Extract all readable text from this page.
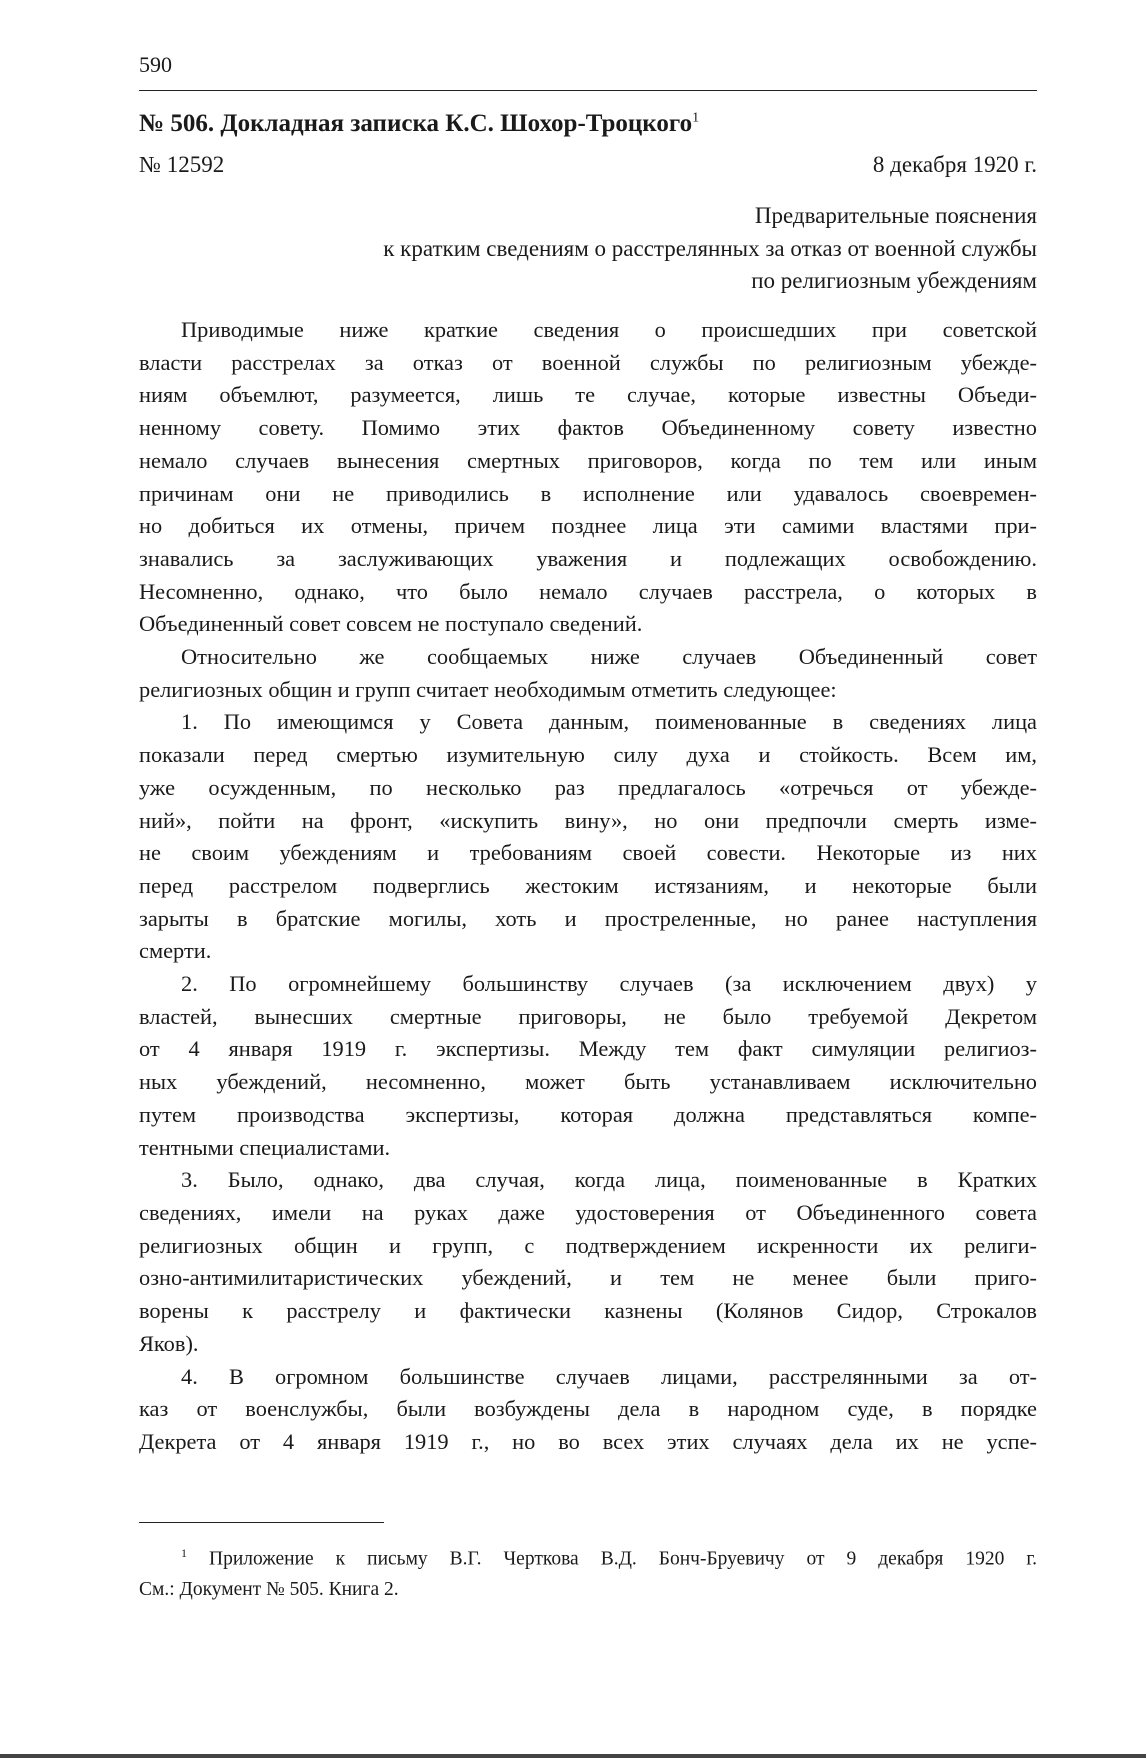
590
№ 506. Докладная записка К.С. Шохор-Троцкого$^1$
№ 12592	8 декабря 1920 г.
Предварительные пояснения
к кратким сведениям о расстрелянных за отказ от военной службы
по религиозным убеждениям
Приводимые ниже краткие сведения о происшедших при советской
власти расстрелах за отказ от военной службы по религиозным убежде-
ниям объемлют, разумеется, лишь те случае, которые известны Объеди-
ненному совету. Помимо этих фактов Объединенному совету известно
немало случаев вынесения смертных приговоров, когда по тем или иным
причинам они не приводились в исполнение или удавалось своевремен-
но добиться их отмены, причем позднее лица эти самими властями при-
знавались за заслуживающих уважения и подлежащих освобождению.
Несомненно, однако, что было немало случаев расстрела, о которых в
Объединенный совет совсем не поступало сведений.
Относительно же сообщаемых ниже случаев Объединенный совет
религиозных общин и групп считает необходимым отметить следующее:
1. По имеющимся у Совета данным, поименованные в сведениях лица
показали перед смертью изумительную силу духа и стойкость. Всем им,
уже осужденным, по несколько раз предлагалось «отречься от убежде-
ний», пойти на фронт, «искупить вину», но они предпочли смерть изме-
не своим убеждениям и требованиям своей совести. Некоторые из них
перед расстрелом подверглись жестоким истязаниям, и некоторые были
зарыты в братские могилы, хоть и простреленные, но ранее наступления
смерти.
2. По огромнейшему большинству случаев (за исключением двух) у
властей, вынесших смертные приговоры, не было требуемой Декретом
от 4 января 1919 г. экспертизы. Между тем факт симуляции религиоз-
ных убеждений, несомненно, может быть устанавливаем исключительно
путем производства экспертизы, которая должна представляться компе-
тентными специалистами.
3. Было, однако, два случая, когда лица, поименованные в Кратких
сведениях, имели на руках даже удостоверения от Объединенного совета
религиозных общин и групп, с подтверждением искренности их религи-
озно-антимилитаристических убеждений, и тем не менее были приго-
ворены к расстрелу и фактически казнены (Колянов Сидор, Строкалов
Яков).
4. В огромном большинстве случаев лицами, расстрелянными за от-
каз от военслужбы, были возбуждены дела в народном суде, в порядке
Декрета от 4 января 1919 г., но во всех этих случаях дела их не успе-
$^1$ Приложение к письму В.Г. Черткова В.Д. Бонч-Бруевичу от 9 декабря 1920 г.
См.: Документ № 505. Книга 2.
